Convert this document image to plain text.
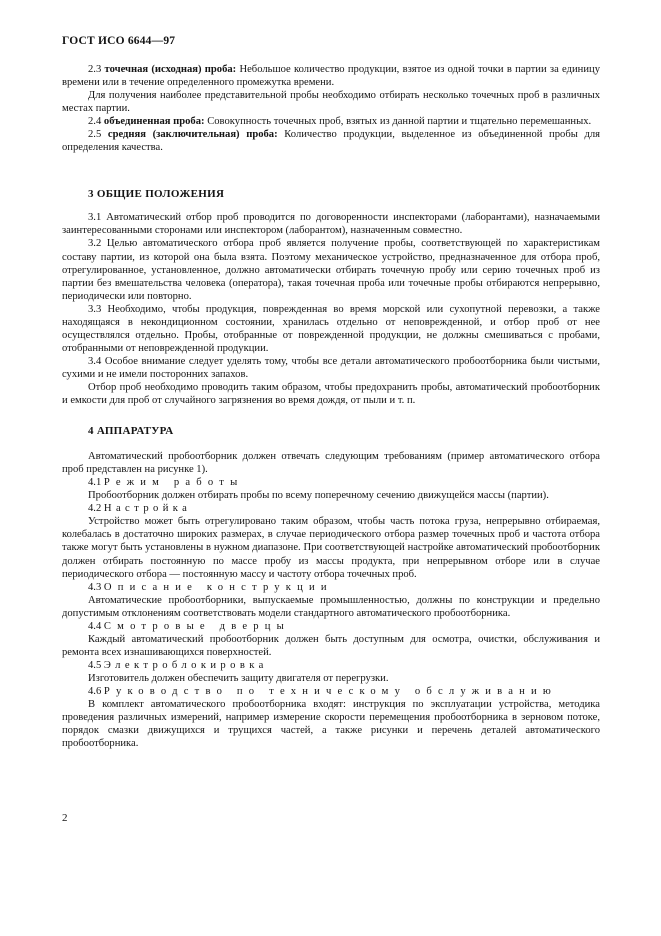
ГОСТ ИСО 6644—97

2.3 точечная (исходная) проба: Небольшое количество продукции, взятое из одной точки в партии за единицу времени или в течение определенного промежутка времени.

Для получения наиболее представительной пробы необходимо отбирать несколько точечных проб в различных местах партии.

2.4 объединенная проба: Совокупность точечных проб, взятых из данной партии и тщательно перемешанных.

2.5 средняя (заключительная) проба: Количество продукции, выделенное из объединенной пробы для определения качества.

3 ОБЩИЕ ПОЛОЖЕНИЯ

3.1 Автоматический отбор проб проводится по договоренности инспекторами (лаборантами), назначаемыми заинтересованными сторонами или инспектором (лаборантом), назначенным совместно.

3.2 Целью автоматического отбора проб является получение пробы, соответствующей по характеристикам составу партии, из которой она была взята. Поэтому механическое устройство, предназначенное для отбора проб, отрегулированное, установленное, должно автоматически отбирать точечную пробу или серию точечных проб из партии без вмешательства человека (оператора), такая точечная проба или точечные пробы отбираются непрерывно, периодически или повторно.

3.3 Необходимо, чтобы продукция, поврежденная во время морской или сухопутной перевозки, а также находящаяся в некондиционном состоянии, хранилась отдельно от неповрежденной, и отбор проб от нее осуществлялся отдельно. Пробы, отобранные от поврежденной продукции, не должны смешиваться с пробами, отобранными от неповрежденной продукции.

3.4 Особое внимание следует уделять тому, чтобы все детали автоматического пробоотборника были чистыми, сухими и не имели посторонних запахов.

Отбор проб необходимо проводить таким образом, чтобы предохранить пробы, автоматический пробоотборник и емкости для проб от случайного загрязнения во время дождя, от пыли и т. п.

4 АППАРАТУРА

Автоматический пробоотборник должен отвечать следующим требованиям (пример автоматического отбора проб представлен на рисунке 1).

4.1 Режим работы

Пробоотборник должен отбирать пробы по всему поперечному сечению движущейся массы (партии).

4.2 Настройка

Устройство может быть отрегулировано таким образом, чтобы часть потока груза, непрерывно отбираемая, колебалась в достаточно широких размерах, в случае периодического отбора размер точечных проб и частота отбора также могут быть установлены в нужном диапазоне. При соответствующей настройке автоматический пробоотборник должен отбирать постоянную по массе пробу из массы продукта, при непрерывном отборе или в случае периодического отбора — постоянную массу и частоту отбора точечных проб.

4.3 Описание конструкции

Автоматические пробоотборники, выпускаемые промышленностью, должны по конструкции и предельно допустимым отклонениям соответствовать модели стандартного автоматического пробоотборника.

4.4 Смотровые дверцы

Каждый автоматический пробоотборник должен быть доступным для осмотра, очистки, обслуживания и ремонта всех изнашивающихся поверхностей.

4.5 Электроблокировка

Изготовитель должен обеспечить защиту двигателя от перегрузки.

4.6 Руководство по техническому обслуживанию

В комплект автоматического пробоотборника входят: инструкция по эксплуатации устройства, методика проведения различных измерений, например измерение скорости перемещения пробоотборника в зерновом потоке, порядок смазки движущихся и трущихся частей, а также рисунки и перечень деталей автоматического пробоотборника.

2
